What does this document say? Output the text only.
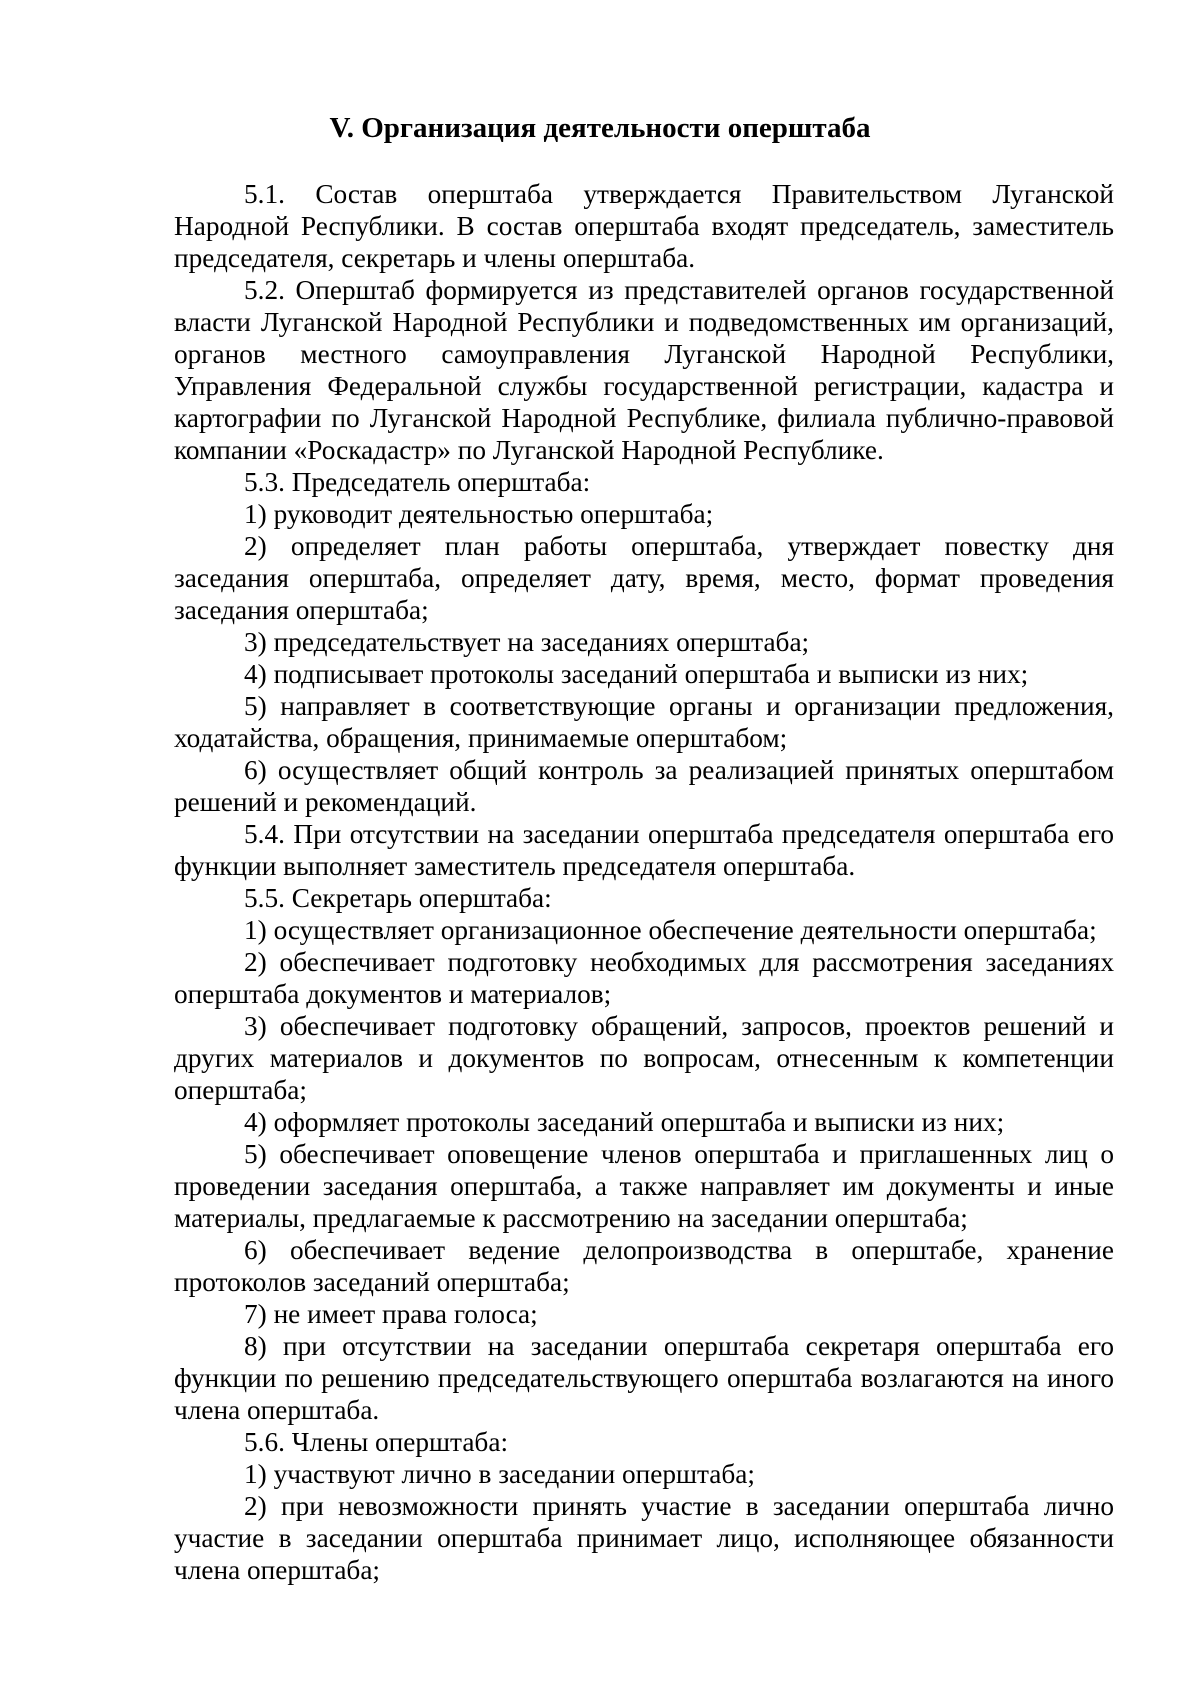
V. Организация деятельности оперштаба

5.1. Состав оперштаба утверждается Правительством Луганской Народной Республики. В состав оперштаба входят председатель, заместитель председателя, секретарь и члены оперштаба.

5.2. Оперштаб формируется из представителей органов государственной власти Луганской Народной Республики и подведомственных им организаций, органов местного самоуправления Луганской Народной Республики, Управления Федеральной службы государственной регистрации, кадастра и картографии по Луганской Народной Республике, филиала публично-правовой компании «Роскадастр» по Луганской Народной Республике.

5.3. Председатель оперштаба:

1) руководит деятельностью оперштаба;

2) определяет план работы оперштаба, утверждает повестку дня заседания оперштаба, определяет дату, время, место, формат проведения заседания оперштаба;

3) председательствует на заседаниях оперштаба;

4) подписывает протоколы заседаний оперштаба и выписки из них;

5) направляет в соответствующие органы и организации предложения, ходатайства, обращения, принимаемые оперштабом;

6) осуществляет общий контроль за реализацией принятых оперштабом решений и рекомендаций.

5.4. При отсутствии на заседании оперштаба председателя оперштаба его функции выполняет заместитель председателя оперштаба.

5.5. Секретарь оперштаба:

1) осуществляет организационное обеспечение деятельности оперштаба;

2) обеспечивает подготовку необходимых для рассмотрения заседаниях оперштаба документов и материалов;

3) обеспечивает подготовку обращений, запросов, проектов решений и других материалов и документов по вопросам, отнесенным к компетенции оперштаба;

4) оформляет протоколы заседаний оперштаба и выписки из них;

5) обеспечивает оповещение членов оперштаба и приглашенных лиц о проведении заседания оперштаба, а также направляет им документы и иные материалы, предлагаемые к рассмотрению на заседании оперштаба;

6) обеспечивает ведение делопроизводства в оперштабе, хранение протоколов заседаний оперштаба;

7) не имеет права голоса;

8) при отсутствии на заседании оперштаба секретаря оперштаба его функции по решению председательствующего оперштаба возлагаются на иного члена оперштаба.

5.6. Члены оперштаба:

1) участвуют лично в заседании оперштаба;

2) при невозможности принять участие в заседании оперштаба лично участие в заседании оперштаба принимает лицо, исполняющее обязанности члена оперштаба;
